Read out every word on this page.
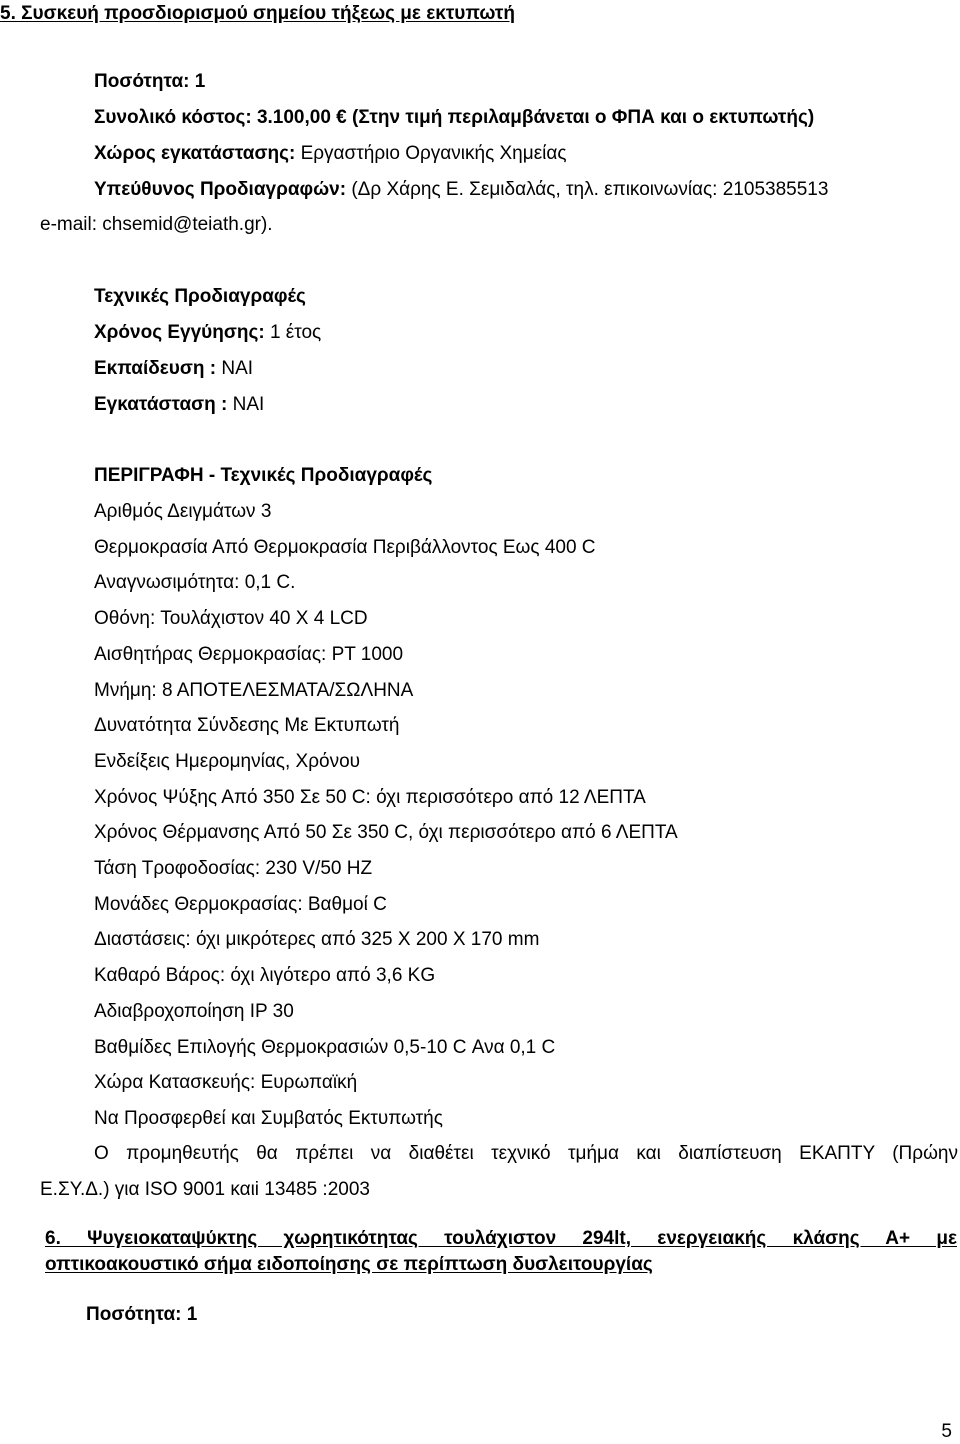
5. Συσκευή προσδιορισμού σημείου τήξεως με εκτυπωτή
Ποσότητα: 1
Συνολικό κόστος: 3.100,00 € (Στην τιμή περιλαμβάνεται ο ΦΠΑ και ο εκτυπωτής)
Χώρος εγκατάστασης: Εργαστήριο Οργανικής Χημείας
Υπεύθυνος Προδιαγραφών: (Δρ Χάρης Ε. Σεμιδαλάς, τηλ. επικοινωνίας: 2105385513
e-mail: chsemid@teiath.gr).
Τεχνικές Προδιαγραφές
Χρόνος Εγγύησης: 1 έτος
Εκπαίδευση : ΝΑΙ
Εγκατάσταση : ΝΑΙ
ΠΕΡΙΓΡΑΦΗ - Τεχνικές Προδιαγραφές
Αριθμός Δειγμάτων 3
Θερμοκρασία Από Θερμοκρασία Περιβάλλοντος Εως 400 C
Αναγνωσιμότητα: 0,1 C.
Οθόνη: Τουλάχιστον 40 X 4 LCD
Αισθητήρας Θερμοκρασίας: PT 1000
Μνήμη: 8 ΑΠΟΤΕΛΕΣΜΑΤΑ/ΣΩΛΗΝΑ
Δυνατότητα Σύνδεσης Με Εκτυπωτή
Ενδείξεις Ημερομηνίας, Χρόνου
Χρόνος Ψύξης Από 350 Σε 50 C: όχι περισσότερο από 12 ΛΕΠΤΑ
Χρόνος Θέρμανσης Από 50 Σε 350 C, όχι περισσότερο από 6 ΛΕΠΤΑ
Τάση Τροφοδοσίας: 230 V/50 HZ
Μονάδες Θερμοκρασίας: Βαθμοί C
Διαστάσεις: όχι μικρότερες από 325 Χ 200 Χ 170 mm
Καθαρό Βάρος: όχι λιγότερο από 3,6 KG
Αδιαβροχοποίηση IP 30
Βαθμίδες Επιλογής Θερμοκρασιών 0,5-10 C Ανα 0,1 C
Χώρα Κατασκευής: Ευρωπαϊκή
Να Προσφερθεί και Συμβατός Εκτυπωτής
Ο προμηθευτής θα πρέπει να διαθέτει τεχνικό τμήμα και διαπίστευση ΕΚΑΠΤΥ (Πρώην
Ε.ΣΥ.Δ.) για ISO 9001 καιi 13485 :2003
6. Ψυγειοκαταψύκτης χωρητικότητας τουλάχιστον 294lt, ενεργειακής κλάσης Α+ με
οπτικοακουστικό σήμα ειδοποίησης σε περίπτωση δυσλειτουργίας
Ποσότητα: 1
5
